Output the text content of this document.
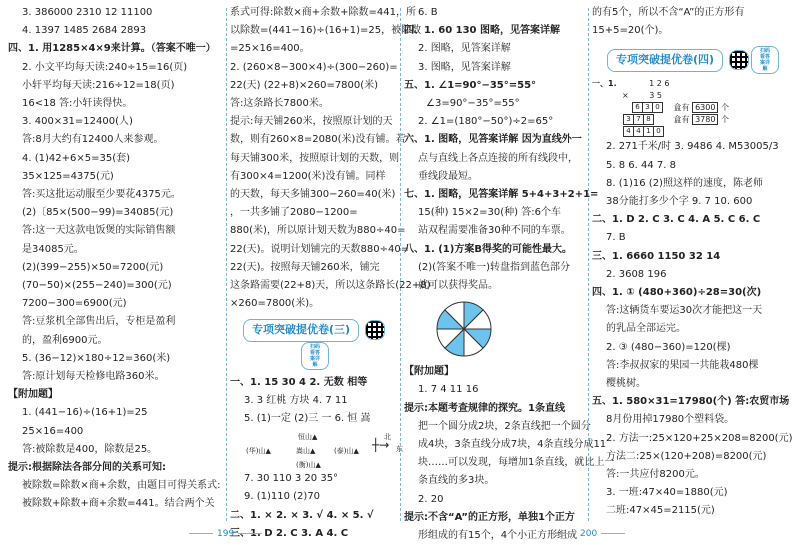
3. 386000 2310 12 11100
4. 1397 1485 2684 2893
四、1. 用1285×4×9来计算。（答案不唯一）
2. 小文平均每天读:240÷15=16(页)
小轩平均每天读:216÷12=18(页)
16<18 答:小轩读得快。
3. 400×31=12400(人)
答:8月大约有12400人来参观。
4. (1)42+6×5=35(套)
35×125=4375(元)
答:买这批运动服至少要花4375元。
(2)〔85×(500−99)=34085(元)
答:这一天这款电饭煲的实际销售额
是34085元。
(2)(399−255)×50=7200(元)
(70−50)×(255−240)=300(元)
7200−300=6900(元)
答:豆浆机全部售出后，专柜是盈利
的，盈利6900元。
5. (36−12)×180÷12=360(米)
答:原计划每天检修电路360米。
【附加题】
1. (441−16)÷(16+1)=25
25×16=400
答:被除数是400，除数是25。
提示:根据除法各部分间的关系可知:
被除数=除数×商+余数，由题目可得关系式:
被除数+除数+商+余数=441。结合两个关
系式可得:除数×商+余数+除数=441，所
以除数=(441−16)÷(16+1)=25，被除数
=25×16=400。
2. (260×8−300×4)÷(300−260)=
22(天) (22+8)×260=7800(米)
答:这条路长7800米。
提示:每天铺260米，按照原计划的天
数，则有260×8=2080(米)没有铺。若
每天铺300米，按照原计划的天数，则
有300×4=1200(米)没有铺。同样
的天数，每天多铺300−260=40(米)
，一共多铺了2080−1200=
880(米)，所以原计划天数为880÷40=
22(天)。说明计划铺完的天数880÷40=
22(天)。按照每天铺260米，铺完
这条路需要(22+8)天，所以这条路长(22+8)
×260=7800(米)。
专项突破提优卷(三)扫码看答案详解
一、1. 15 30 4 2. 无数 相等
3. 3 红桃 方块 4. 7 11
5. (1)一定 (2)三 一 6. 恒 嵩
恒山▲
(华)山▲	嵩山▲	(泰)山▲
(衡)山▲
北
┼→ 东
7. 30 110 3 20 35°
9. (1)110 (2)70
二、1. × 2. × 3. √ 4. × 5. √
三、1. D 2. C 3. A 4. C
6. B
四、1. 60 130 图略，见答案详解
2. 图略，见答案详解
3. 图略，见答案详解
五、1. ∠1=90°−35°=55°
∠3=90°−35°=55°
2. ∠1=(180°−50°)÷2=65°
六、1. 图略，见答案详解 因为直线外一
点与直线上各点连接的所有线段中，
垂线段最短。
七、1. 图略，见答案详解 5+4+3+2+1=
15(种) 15×2=30(种) 答:6个车
站双程需要准备30种不同的车票。
八、1. (1)方案B得奖的可能性最大。
(2)(答案不唯一)转盘指到蓝色部分
就可以获得奖品。
【附加题】
1. 7 4 11 16
提示:本题考查规律的探究。1条直线
把一个圆分成2块，2条直线把一个圆分
成4块，3条直线分成7块，4条直线分成11
块……可以发现，每增加1条直线，就比上一
条直线的多3块。
2. 20
提示:不含“A”的正方形，单独1个正方
形组成的有15个，4个小正方形组成
的有5个，所以不含“A”的正方形有
15+5=20(个)。
专项突破提优卷(四)扫码看答案详解
一、1.	1 2 6
×	3 5
6	3	0 盒有 6300 个
3	7	8	盒有 3780 个
4	4	1	0
2. 271千米/时 3. 9486 4. M53005/3
5. 8 6. 44 7. 8
8. (1)16 (2)照这样的速度，陈老师
38分能打多少个字 9. 7 10. 600
二、1. D 2. C 3. C 4. A 5. C 6. C
7. B
三、1. 6660 1150 32 14
2. 3608 196
四、1. ① (480+360)÷28=30(次)
答:这辆货车要运30次才能把这一天
的乳品全部运完。
2. ③ (480−360)=120(棵)
答:李叔叔家的果园一共能栽480棵
樱桃树。
五、1. 580×31=17980(个) 答:农贸市场
8月份用掉17980个塑料袋。
2. 方法一:25×120+25×208=8200(元)
方法二:25×(120+208)=8200(元)
答:一共应付8200元。
3. 一班:47×40=1880(元)
二班:47×45=2115(元)
199	200
